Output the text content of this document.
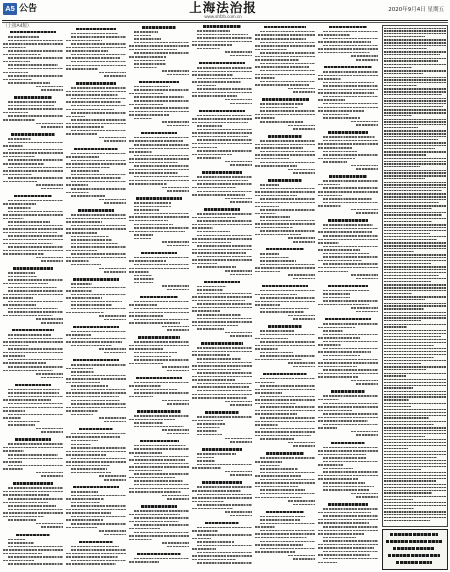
A5 公告	上海法治报
www.shfzb.com.cn
2020年9月4日 星期五
（上接A4版）
